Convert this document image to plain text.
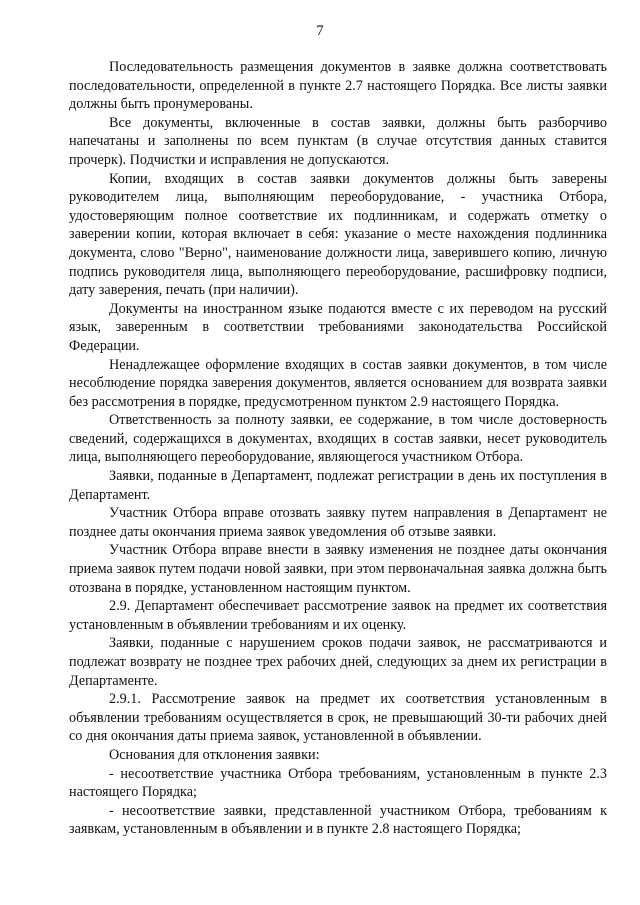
7

Последовательность размещения документов в заявке должна соответствовать последовательности, определенной в пункте 2.7 настоящего Порядка. Все листы заявки должны быть пронумерованы.

Все документы, включенные в состав заявки, должны быть разборчиво напечатаны и заполнены по всем пунктам (в случае отсутствия данных ставится прочерк). Подчистки и исправления не допускаются.

Копии, входящих в состав заявки документов должны быть заверены руководителем лица, выполняющим переоборудование, - участника Отбора, удостоверяющим полное соответствие их подлинникам, и содержать отметку о заверении копии, которая включает в себя: указание о месте нахождения подлинника документа, слово "Верно", наименование должности лица, заверившего копию, личную подпись руководителя лица, выполняющего переоборудование, расшифровку подписи, дату заверения, печать (при наличии).

Документы на иностранном языке подаются вместе с их переводом на русский язык, заверенным в соответствии требованиями законодательства Российской Федерации.

Ненадлежащее оформление входящих в состав заявки документов, в том числе несоблюдение порядка заверения документов, является основанием для возврата заявки без рассмотрения в порядке, предусмотренном пунктом 2.9 настоящего Порядка.

Ответственность за полноту заявки, ее содержание, в том числе достоверность сведений, содержащихся в документах, входящих в состав заявки, несет руководитель лица, выполняющего переоборудование, являющегося участником Отбора.

Заявки, поданные в Департамент, подлежат регистрации в день их поступления в Департамент.

Участник Отбора вправе отозвать заявку путем направления в Департамент не позднее даты окончания приема заявок уведомления об отзыве заявки.

Участник Отбора вправе внести в заявку изменения не позднее даты окончания приема заявок путем подачи новой заявки, при этом первоначальная заявка должна быть отозвана в порядке, установленном настоящим пунктом.

2.9. Департамент обеспечивает рассмотрение заявок на предмет их соответствия установленным в объявлении требованиям и их оценку.

Заявки, поданные с нарушением сроков подачи заявок, не рассматриваются и подлежат возврату не позднее трех рабочих дней, следующих за днем их регистрации в Департаменте.

2.9.1. Рассмотрение заявок на предмет их соответствия установленным в объявлении требованиям осуществляется в срок, не превышающий 30-ти рабочих дней со дня окончания даты приема заявок, установленной в объявлении.

Основания для отклонения заявки:

- несоответствие участника Отбора требованиям, установленным в пункте 2.3 настоящего Порядка;

- несоответствие заявки, представленной участником Отбора, требованиям к заявкам, установленным в объявлении и в пункте 2.8 настоящего Порядка;
